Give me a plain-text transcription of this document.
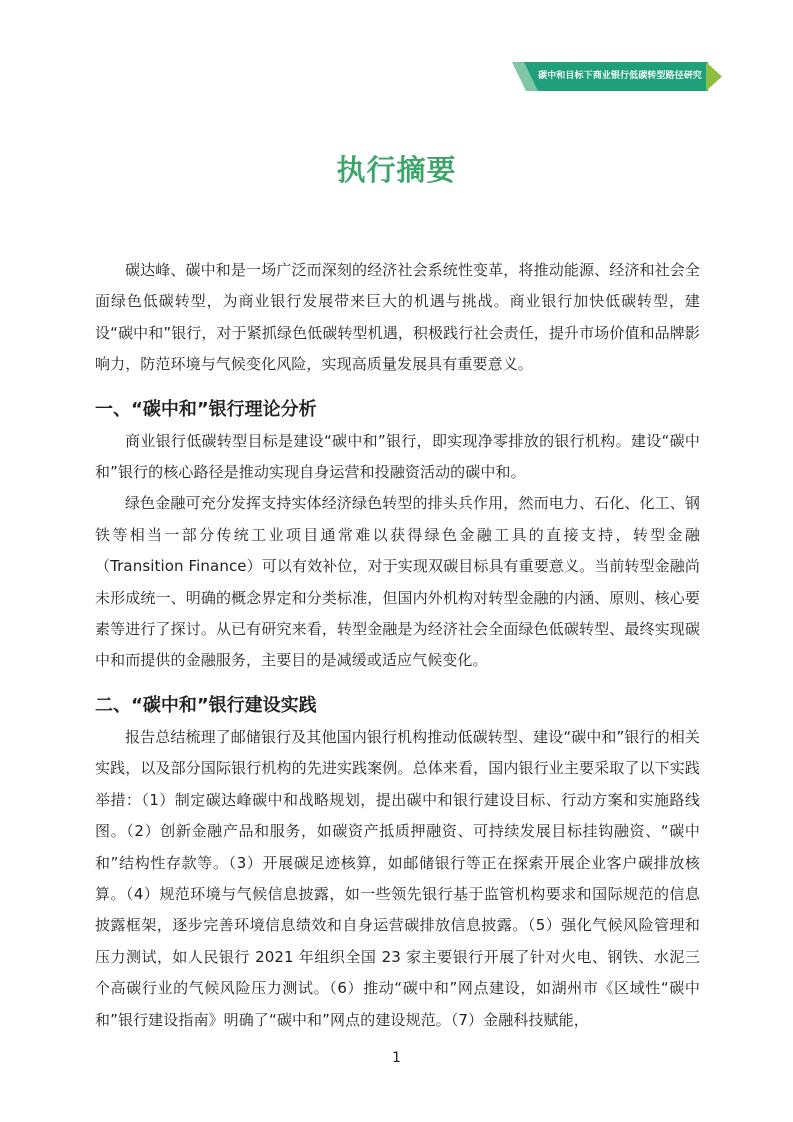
碳中和目标下商业银行低碳转型路径研究
执行摘要

碳达峰、碳中和是一场广泛而深刻的经济社会系统性变革，将推动能源、经济和社会全面绿色低碳转型，为商业银行发展带来巨大的机遇与挑战。商业银行加快低碳转型，建设“碳中和”银行，对于紧抓绿色低碳转型机遇，积极践行社会责任，提升市场价值和品牌影响力，防范环境与气候变化风险，实现高质量发展具有重要意义。

一、“碳中和”银行理论分析

商业银行低碳转型目标是建设“碳中和”银行，即实现净零排放的银行机构。建设“碳中和”银行的核心路径是推动实现自身运营和投融资活动的碳中和。

绿色金融可充分发挥支持实体经济绿色转型的排头兵作用，然而电力、石化、化工、钢铁等相当一部分传统工业项目通常难以获得绿色金融工具的直接支持，转型金融（Transition Finance）可以有效补位，对于实现双碳目标具有重要意义。当前转型金融尚未形成统一、明确的概念界定和分类标准，但国内外机构对转型金融的内涵、原则、核心要素等进行了探讨。从已有研究来看，转型金融是为经济社会全面绿色低碳转型、最终实现碳中和而提供的金融服务，主要目的是减缓或适应气候变化。

二、“碳中和”银行建设实践

报告总结梳理了邮储银行及其他国内银行机构推动低碳转型、建设“碳中和”银行的相关实践，以及部分国际银行机构的先进实践案例。总体来看，国内银行业主要采取了以下实践举措：（1）制定碳达峰碳中和战略规划，提出碳中和银行建设目标、行动方案和实施路线图。（2）创新金融产品和服务，如碳资产抵质押融资、可持续发展目标挂钩融资、“碳中和”结构性存款等。（3）开展碳足迹核算，如邮储银行等正在探索开展企业客户碳排放核算。（4）规范环境与气候信息披露，如一些领先银行基于监管机构要求和国际规范的信息披露框架，逐步完善环境信息绩效和自身运营碳排放信息披露。（5）强化气候风险管理和压力测试，如人民银行 2021 年组织全国 23 家主要银行开展了针对火电、钢铁、水泥三个高碳行业的气候风险压力测试。（6）推动“碳中和”网点建设，如湖州市《区域性“碳中和”银行建设指南》明确了“碳中和”网点的建设规范。（7）金融科技赋能，

1
